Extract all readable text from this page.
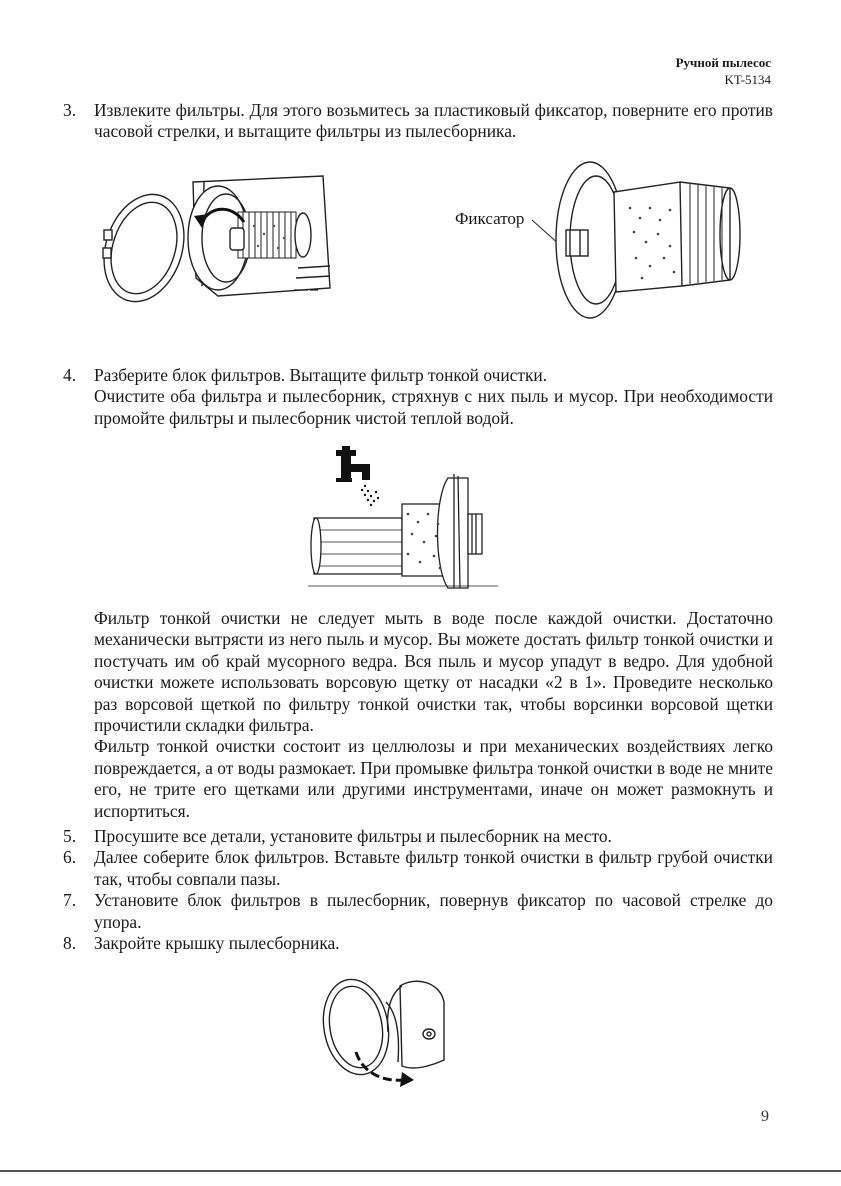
Ручной пылесос
KT-5134
3.	Извлеките фильтры. Для этого возьмитесь за пластиковый фиксатор, поверните его против часовой стрелки, и вытащите фильтры из пылесборника.
Фиксатор
4.	Разберите блок фильтров. Вытащите фильтр тонкой очистки.
Очистите оба фильтра и пылесборник, стряхнув с них пыль и мусор. При необходимости промойте фильтры и пылесборник чистой теплой водой.
Фильтр тонкой очистки не следует мыть в воде после каждой очистки. Достаточно механически вытрясти из него пыль и мусор. Вы можете достать фильтр тонкой очистки и постучать им об край мусорного ведра. Вся пыль и мусор упадут в ведро. Для удобной очистки можете использовать ворсовую щетку от насадки «2 в 1». Проведите несколько раз ворсовой щеткой по фильтру тонкой очистки так, чтобы ворсинки ворсовой щетки прочистили складки фильтра.
Фильтр тонкой очистки состоит из целлюлозы и при механических воздействиях легко повреждается, а от воды размокает. При промывке фильтра тонкой очистки в воде не мните его, не трите его щетками или другими инструментами, иначе он может размокнуть и испортиться.
5.	Просушите все детали, установите фильтры и пылесборник на место.
6.	Далее соберите блок фильтров. Вставьте фильтр тонкой очистки в фильтр грубой очистки так, чтобы совпали пазы.
7.	Установите блок фильтров в пылесборник, повернув фиксатор по часовой стрелке до упора.
8.	Закройте крышку пылесборника.
9
